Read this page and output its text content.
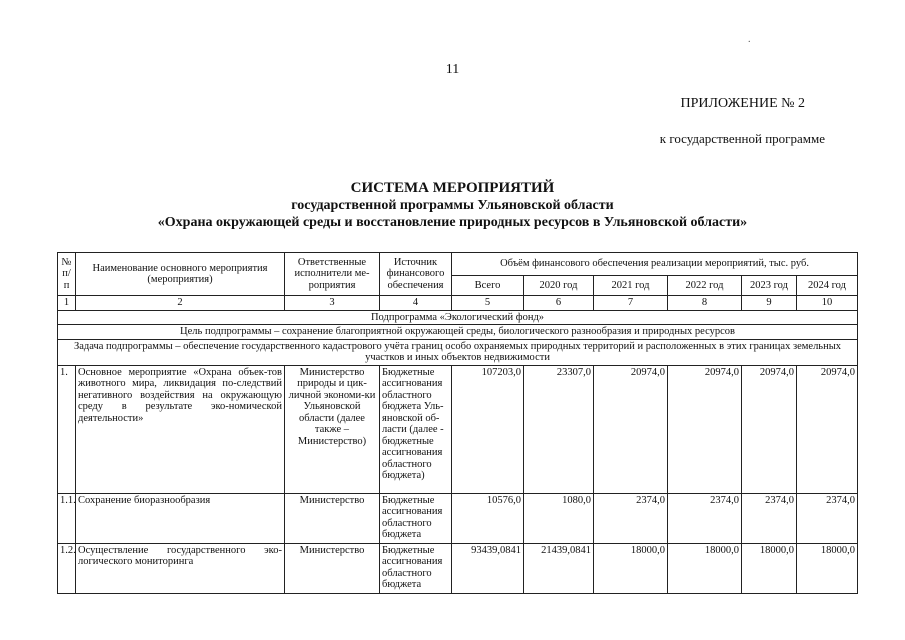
.
11
ПРИЛОЖЕНИЕ № 2
к государственной программе
СИСТЕМА МЕРОПРИЯТИЙ
государственной программы Ульяновской области
«Охрана окружающей среды и восстановление природных ресурсов в Ульяновской области»
№ п/п	Наименование основного мероприятия (мероприятия)	Ответственные исполнители ме-роприятия	Источник финансового обеспечения	Объём финансового обеспечения реализации мероприятий, тыс. руб.					
				Всего	2020 год	2021 год	2022 год	2023 год	2024 год
1	2	3	4	5	6	7	8	9	10
Подпрограмма «Экологический фонд»									
Цель подпрограммы – сохранение благоприятной окружающей среды, биологического разнообразия и природных ресурсов									
Задача подпрограммы – обеспечение государственного кадастрового учёта границ особо охраняемых природных территорий и расположенных в этих границах земельных участков и иных объектов недвижимости									
1.	Основное мероприятие «Охрана объек-тов животного мира, ликвидация по-следствий негативного воздействия на окружающую среду в результате эко-номической деятельности»	Министерство природы и цик-личной экономи-ки Ульяновской области (далее также – Министерство)	Бюджетные ассигнования областного бюджета Уль-яновской об-ласти (далее - бюджетные ассигнования областного бюджета)	107203,0	23307,0	20974,0	20974,0	20974,0	20974,0
1.1.	Сохранение биоразнообразия	Министерство	Бюджетные ассигнования областного бюджета	10576,0	1080,0	2374,0	2374,0	2374,0	2374,0
1.2.	Осуществление государственного эко-логического мониторинга	Министерство	Бюджетные ассигнования областного бюджета	93439,0841	21439,0841	18000,0	18000,0	18000,0	18000,0
